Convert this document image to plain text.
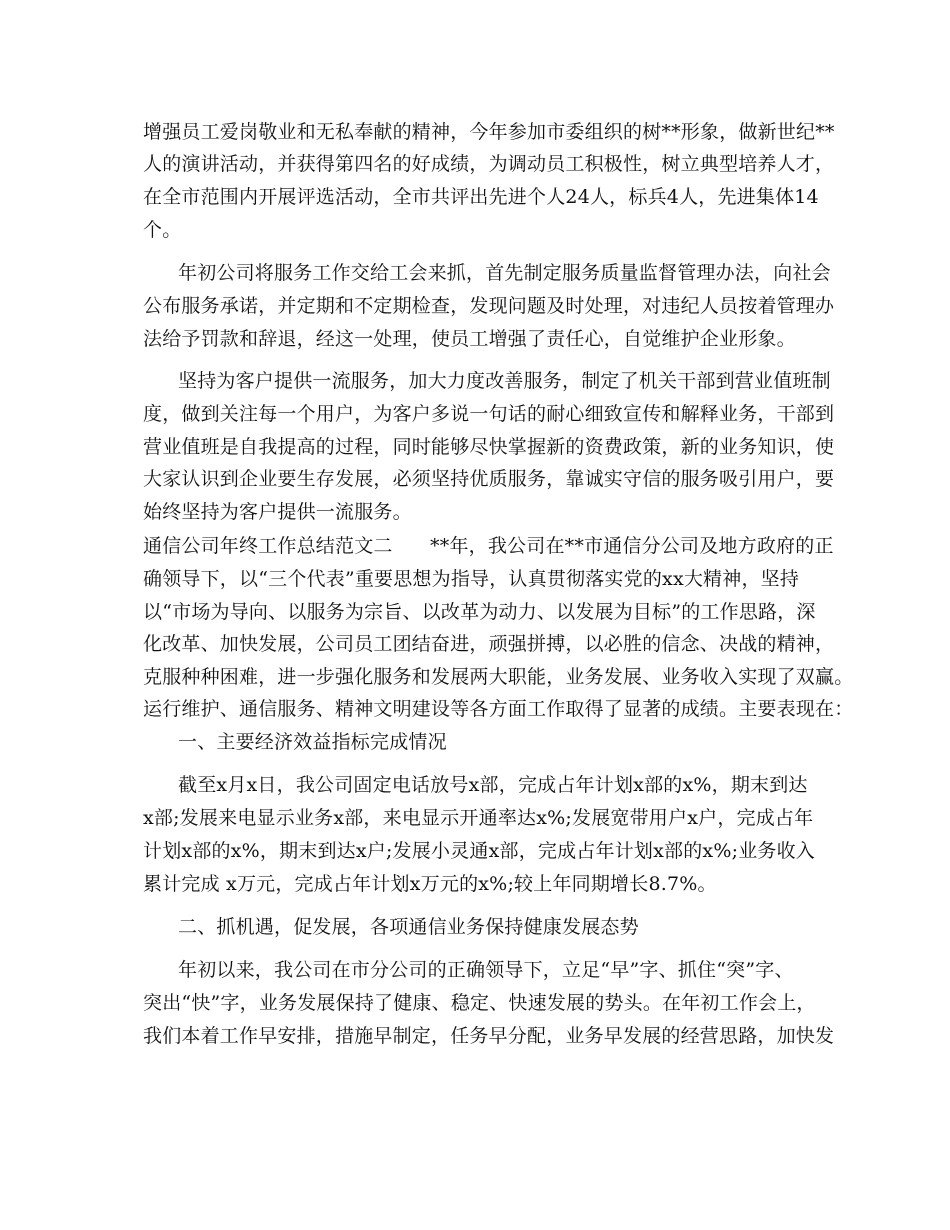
增强员工爱岗敬业和无私奉献的精神，今年参加市委组织的树**形象，做新世纪**
人的演讲活动，并获得第四名的好成绩，为调动员工积极性，树立典型培养人才，
在全市范围内开展评选活动，全市共评出先进个人24人，标兵4人，先进集体14
个。
年初公司将服务工作交给工会来抓，首先制定服务质量监督管理办法，向社会
公布服务承诺，并定期和不定期检查，发现问题及时处理，对违纪人员按着管理办
法给予罚款和辞退，经这一处理，使员工增强了责任心，自觉维护企业形象。
坚持为客户提供一流服务，加大力度改善服务，制定了机关干部到营业值班制
度，做到关注每一个用户，为客户多说一句话的耐心细致宣传和解释业务，干部到
营业值班是自我提高的过程，同时能够尽快掌握新的资费政策，新的业务知识，使
大家认识到企业要生存发展，必须坚持优质服务，靠诚实守信的服务吸引用户，要
始终坚持为客户提供一流服务。
通信公司年终工作总结范文二      **年，我公司在**市通信分公司及地方政府的正
确领导下，以“三个代表”重要思想为指导，认真贯彻落实党的xx大精神，坚持
以“市场为导向、以服务为宗旨、以改革为动力、以发展为目标”的工作思路，深
化改革、加快发展，公司员工团结奋进，顽强拼搏，以必胜的信念、决战的精神，
克服种种困难，进一步强化服务和发展两大职能，业务发展、业务收入实现了双赢。
运行维护、通信服务、精神文明建设等各方面工作取得了显著的成绩。主要表现在：
一、主要经济效益指标完成情况
截至x月x日，我公司固定电话放号x部，完成占年计划x部的x%，期末到达
x部;发展来电显示业务x部，来电显示开通率达x%;发展宽带用户x户，完成占年
计划x部的x%，期末到达x户;发展小灵通x部，完成占年计划x部的x%;业务收入
累计完成 x万元，完成占年计划x万元的x%;较上年同期增长8.7%。
二、抓机遇，促发展，各项通信业务保持健康发展态势
年初以来，我公司在市分公司的正确领导下，立足“早”字、抓住“突”字、
突出“快”字，业务发展保持了健康、稳定、快速发展的势头。在年初工作会上，
我们本着工作早安排，措施早制定，任务早分配，业务早发展的经营思路，加快发
